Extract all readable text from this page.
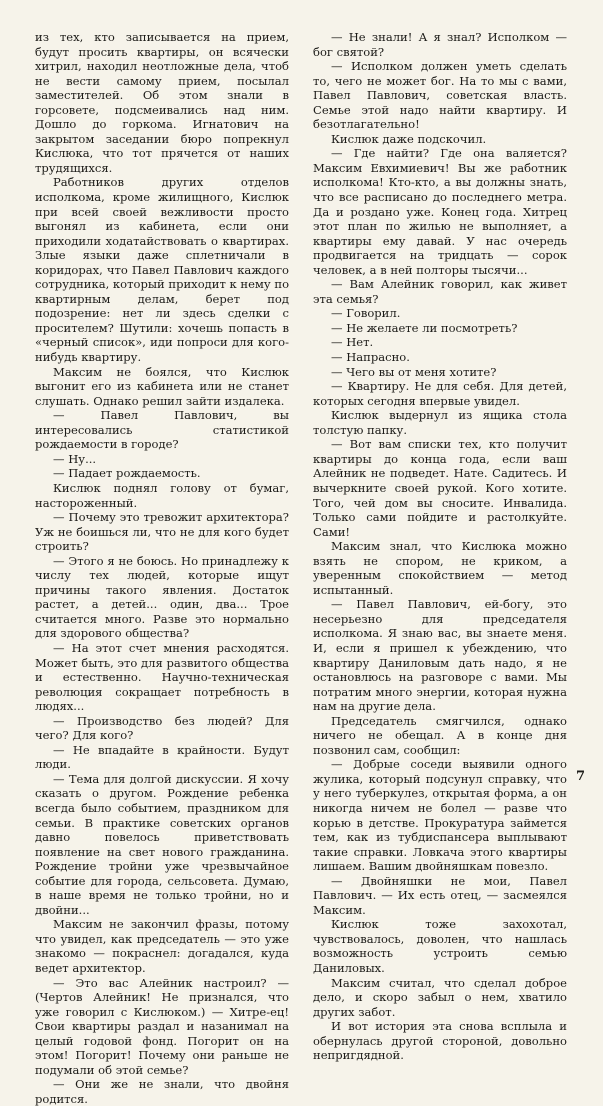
из тех, кто записывается на прием, будут просить квартиры, он всячески хитрил, находил неотложные дела, чтоб не вести самому прием, посылал заместителей. Об этом знали в горсовете, подсмеивались над ним. Дошло до горкома. Игнатович на закрытом заседании бюро попрекнул Кислюка, что тот прячется от наших трудящихся.

Работников других отделов исполкома, кроме жилищного, Кислюк при всей своей вежливости просто выгонял из кабинета, если они приходили ходатайствовать о квартирах. Злые языки даже сплетничали в коридорах, что Павел Павлович каждого сотрудника, который приходит к нему по квартирным делам, берет под подозрение: нет ли здесь сделки с просителем? Шутили: хочешь попасть в «черный список», иди попроси для кого-нибудь квартиру.

Максим не боялся, что Кислюк выгонит его из кабинета или не станет слушать. Однако решил зайти издалека.

— Павел Павлович, вы интересовались статистикой рождаемости в городе?

— Ну...

— Падает рождаемость.

Кислюк поднял голову от бумаг, настороженный.

— Почему это тревожит архитектора? Уж не боишься ли, что не для кого будет строить?

— Этого я не боюсь. Но принадлежу к числу тех людей, которые ищут причины такого явления. Достаток растет, а детей... один, два... Трое считается много. Разве это нормально для здорового общества?

— На этот счет мнения расходятся. Может быть, это для развитого общества и естественно. Научно-техническая революция сокращает потребность в людях...

— Производство без людей? Для чего? Для кого?

— Не впадайте в крайности. Будут люди.

— Тема для долгой дискуссии. Я хочу сказать о другом. Рождение ребенка всегда было событием, праздником для семьи. В практике советских органов давно повелось приветствовать появление на свет нового гражданина. Рождение тройни уже чрезвычайное событие для города, сельсовета. Думаю, в наше время не только тройни, но и двойни...

Максим не закончил фразы, потому что увидел, как председатель — это уже знакомо — покраснел: догадался, куда ведет архитектор.

— Это вас Алейник настроил? — (Чертов Алейник! Не признался, что уже говорил с Кислюком.) — Хитре-ец! Свои квартиры раздал и назанимал на целый годовой фонд. Погорит он на этом! Погорит! Почему они раньше не подумали об этой семье?

— Они же не знали, что двойня родится.

— Не знали! А я знал? Исполком — бог святой?

— Исполком должен уметь сделать то, чего не может бог. На то мы с вами, Павел Павлович, советская власть. Семье этой надо найти квартиру. И безотлагательно!

Кислюк даже подскочил.

— Где найти? Где она валяется? Максим Евхимиевич! Вы же работник исполкома! Кто-кто, а вы должны знать, что все расписано до последнего метра. Да и роздано уже. Конец года. Хитрец этот план по жилью не выполняет, а квартиры ему давай. У нас очередь продвигается на тридцать — сорок человек, а в ней полторы тысячи...

— Вам Алейник говорил, как живет эта семья?

— Говорил.

— Не желаете ли посмотреть?

— Нет.

— Напрасно.

— Чего вы от меня хотите?

— Квартиру. Не для себя. Для детей, которых сегодня впервые увидел.

Кислюк выдернул из ящика стола толстую папку.

— Вот вам списки тех, кто получит квартиры до конца года, если ваш Алейник не подведет. Нате. Садитесь. И вычеркните своей рукой. Кого хотите. Того, чей дом вы сносите. Инвалида. Только сами пойдите и растолкуйте. Сами!

Максим знал, что Кислюка можно взять не спором, не криком, а уверенным спокойствием — метод испытанный.

— Павел Павлович, ей-богу, это несерьезно для председателя исполкома. Я знаю вас, вы знаете меня. И, если я пришел к убеждению, что квартиру Даниловым дать надо, я не остановлюсь на разговоре с вами. Мы потратим много энергии, которая нужна нам на другие дела.

Председатель смягчился, однако ничего не обещал. А в конце дня позвонил сам, сообщил:

— Добрые соседи выявили одного жулика, который подсунул справку, что у него туберкулез, открытая форма, а он никогда ничем не болел — разве что корью в детстве. Прокуратура займется тем, как из тубдиспансера выплывают такие справки. Ловкача этого квартиры лишаем. Вашим двойняшкам повезло.

— Двойняшки не мои, Павел Павлович. — Их есть отец, — засмеялся Максим.

Кислюк тоже захохотал, чувствовалось, доволен, что нашлась возможность устроить семью Даниловых.

Максим считал, что сделал доброе дело, и скоро забыл о нем, хватило других забот.

И вот история эта снова всплыла и обернулась другой стороной, довольно непригдядной.

7
